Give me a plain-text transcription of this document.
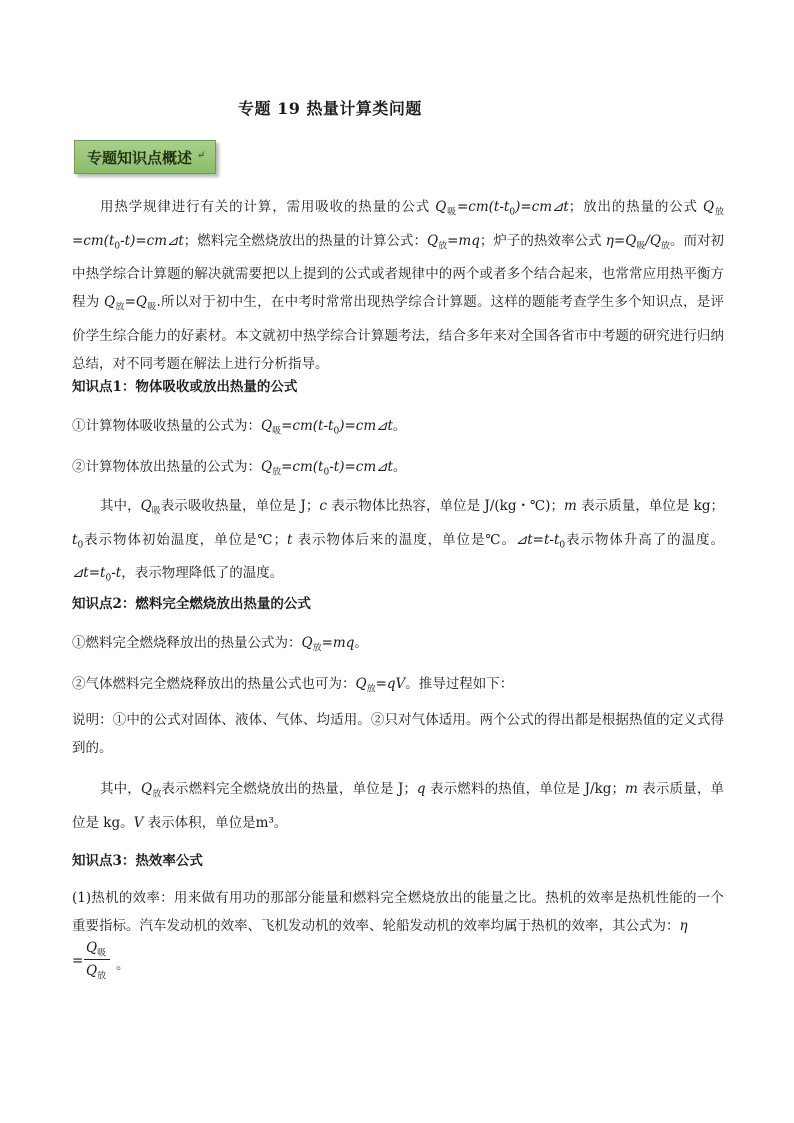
专题 19 热量计算类问题
专题知识点概述 ↵
用热学规律进行有关的计算，需用吸收的热量的公式 $Q_吸=cm(t-t_0)=cm⊿t$；放出的热量的公式 $Q_放=cm(t_0-t)=cm⊿t$；燃料完全燃烧放出的热量的计算公式：$Q_放=mq$；炉子的热效率公式 $\eta=Q_吸/Q_放$。而对初中热学综合计算题的解决就需要把以上提到的公式或者规律中的两个或者多个结合起来，也常常应用热平衡方程为 $Q_放=Q_吸$.所以对于初中生，在中考时常常出现热学综合计算题。这样的题能考查学生多个知识点，是评价学生综合能力的好素材。本文就初中热学综合计算题考法，结合多年来对全国各省市中考题的研究进行归纳总结，对不同考题在解法上进行分析指导。
知识点1：物体吸收或放出热量的公式
①计算物体吸收热量的公式为：$Q_吸=cm(t-t_0)=cm⊿t$。
②计算物体放出热量的公式为：$Q_放=cm(t_0-t)=cm⊿t$。
其中，$Q_吸$表示吸收热量，单位是 J；c 表示物体比热容，单位是 J/(kg・℃)；m 表示质量，单位是 kg；$t_0$表示物体初始温度，单位是℃；t 表示物体后来的温度，单位是℃。$⊿t=t-t_0$表示物体升高了的温度。$⊿t=t_0-t$，表示物理降低了的温度。
知识点2：燃料完全燃烧放出热量的公式
①燃料完全燃烧释放出的热量公式为：$Q_放=mq$。
②气体燃料完全燃烧释放出的热量公式也可为：$Q_放=qV$。推导过程如下：
说明：①中的公式对固体、液体、气体、均适用。②只对气体适用。两个公式的得出都是根据热值的定义式得到的。
其中，$Q_放$表示燃料完全燃烧放出的热量，单位是 J；q 表示燃料的热值，单位是 J/kg；m 表示质量，单位是 kg。V 表示体积，单位是m³。
知识点3：热效率公式
(1)热机的效率：用来做有用功的那部分能量和燃料完全燃烧放出的能量之比。热机的效率是热机性能的一个重要指标。汽车发动机的效率、飞机发动机的效率、轮船发动机的效率均属于热机的效率，其公式为：η
=
$Q_吸$
$Q_放$
。
